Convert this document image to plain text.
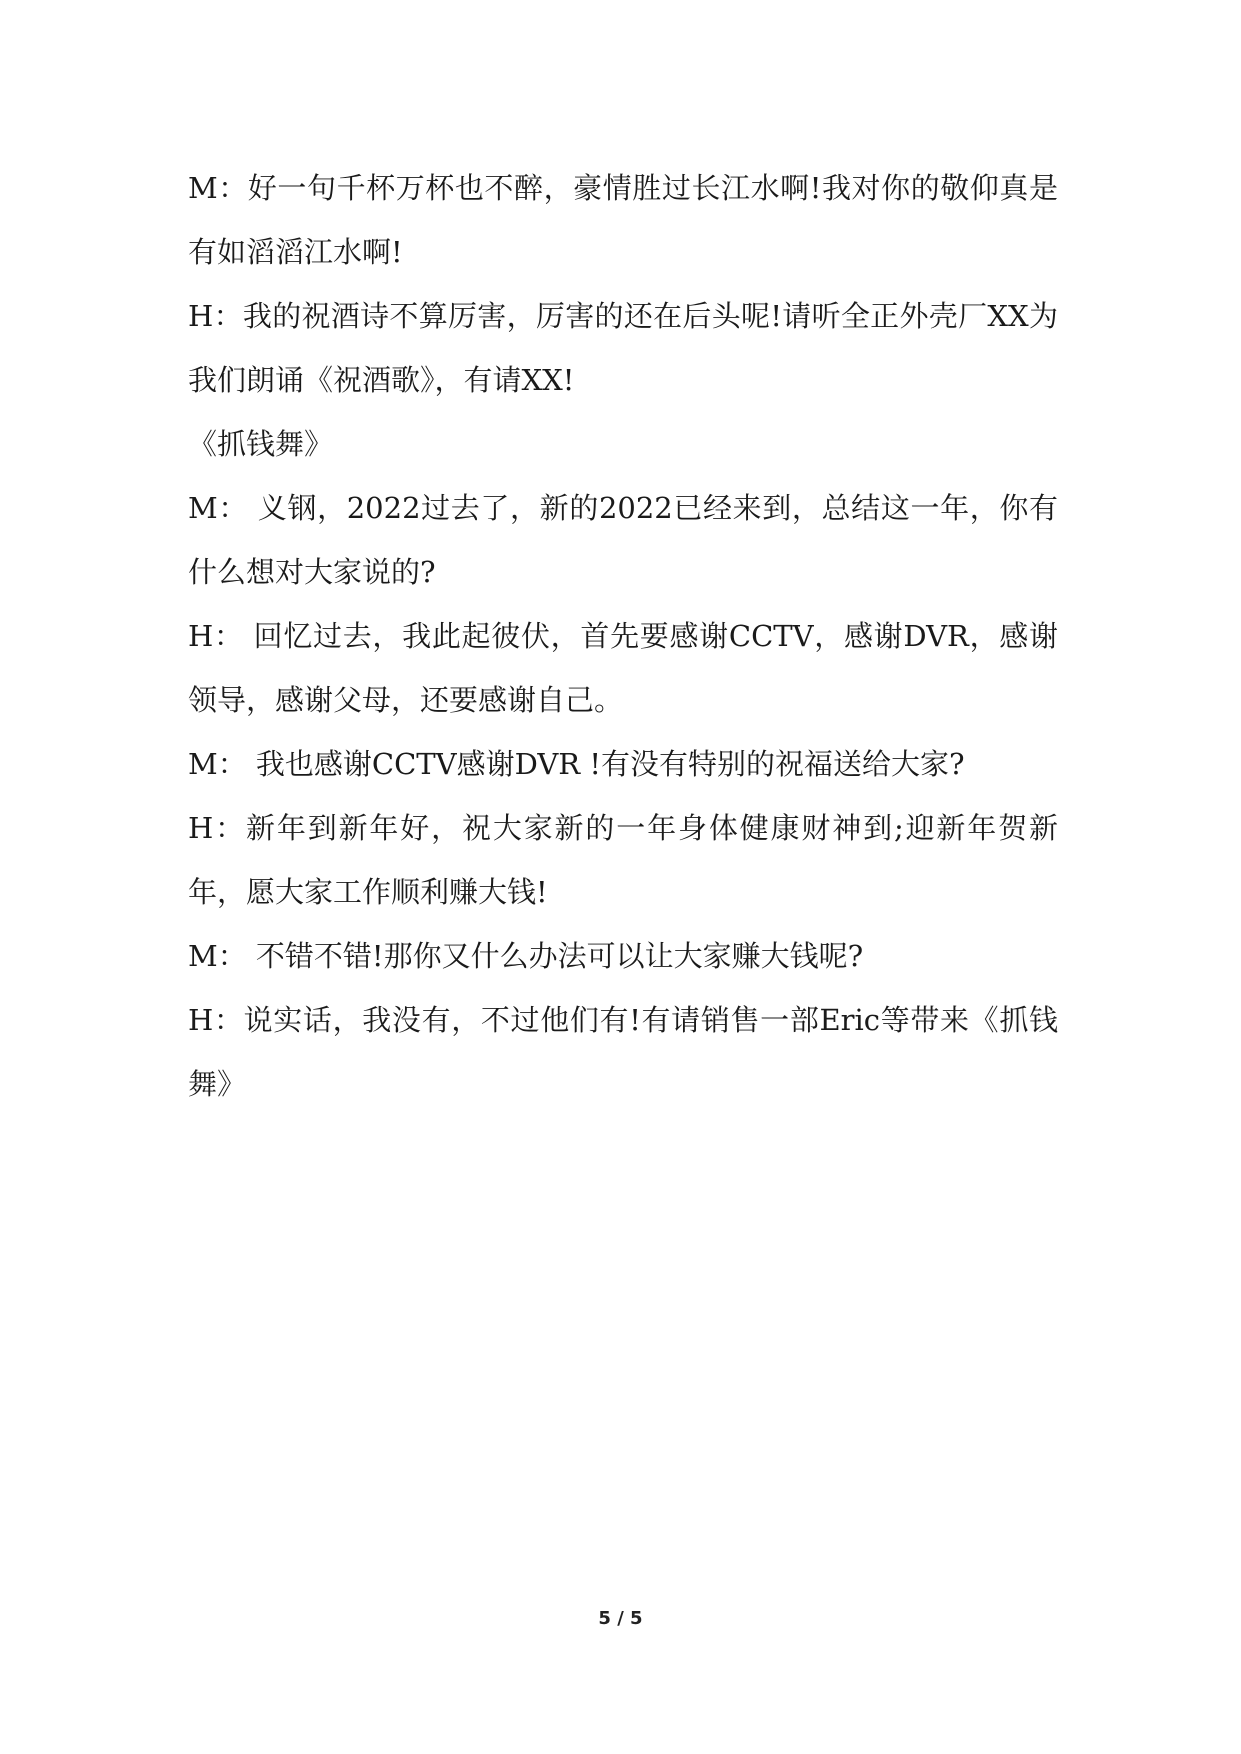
M：好一句千杯万杯也不醉，豪情胜过长江水啊!我对你的敬仰真是有如滔滔江水啊!

H：我的祝酒诗不算厉害，厉害的还在后头呢!请听全正外壳厂XX为我们朗诵《祝酒歌》，有请XX!

《抓钱舞》

M： 义钢，2022过去了，新的2022已经来到，总结这一年，你有什么想对大家说的?

H： 回忆过去，我此起彼伏，首先要感谢CCTV，感谢DVR，感谢领导，感谢父母，还要感谢自己。

M： 我也感谢CCTV感谢DVR !有没有特别的祝福送给大家?

H：新年到新年好，祝大家新的一年身体健康财神到;迎新年贺新年，愿大家工作顺利赚大钱!

M： 不错不错!那你又什么办法可以让大家赚大钱呢?

H：说实话，我没有，不过他们有!有请销售一部Eric等带来《抓钱舞》

5 / 5
